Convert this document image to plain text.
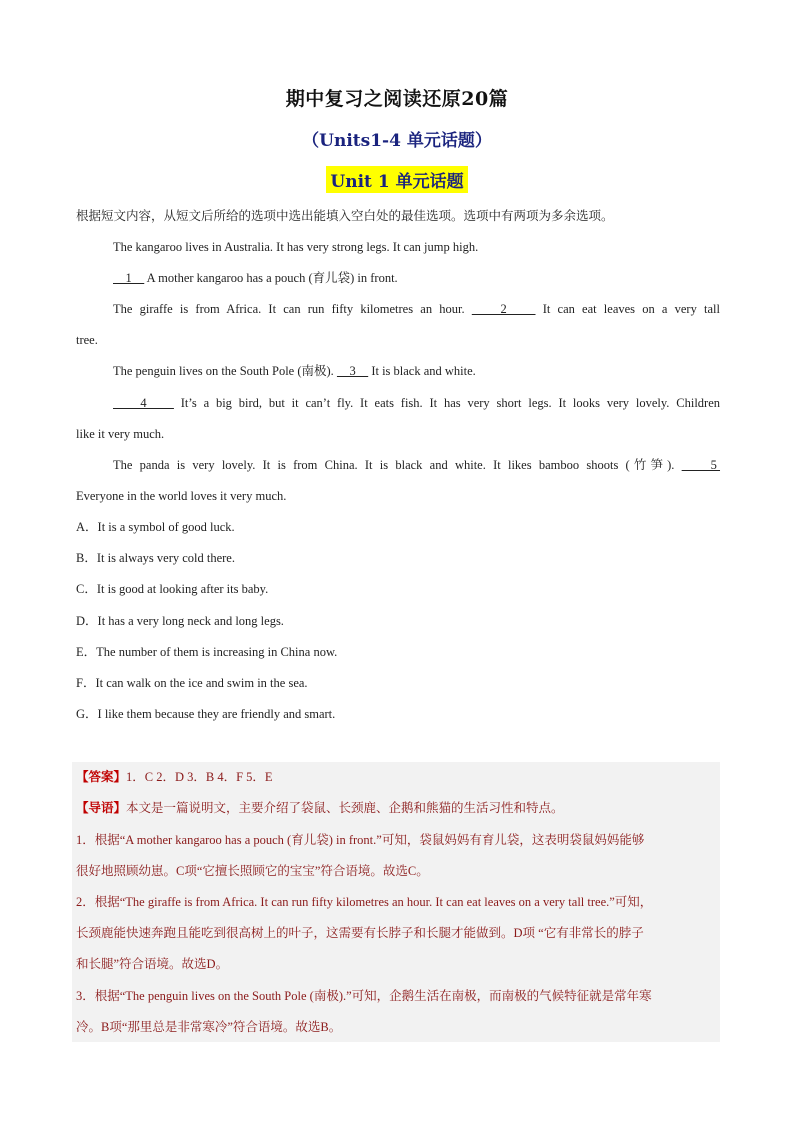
期中复习之阅读还原20篇
（Units1-4 单元话题）
Unit 1 单元话题
根据短文内容，从短文后所给的选项中选出能填入空白处的最佳选项。选项中有两项为多余选项。
The kangaroo lives in Australia. It has very strong legs. It can jump high.
1     A mother kangaroo has a pouch (育儿袋) in front.
The giraffe is from Africa. It can run fifty kilometres an hour.     2     It can eat leaves on a very tall
tree.
The penguin lives on the South Pole (南极).     3     It is black and white.
4     It’s a big bird, but it can’t fly. It eats fish. It has very short legs. It looks very lovely. Children
like it very much.
The panda is very lovely. It is from China. It is black and white. It likes bamboo shoots (竹笋).     5
Everyone in the world loves it very much.
A．It is a symbol of good luck.
B．It is always very cold there.
C．It is good at looking after its baby.
D．It has a very long neck and long legs.
E．The number of them is increasing in China now.
F．It can walk on the ice and swim in the sea.
G．I like them because they are friendly and smart.
【答案】1．C 2．D 3．B 4．F 5．E
【导语】本文是一篇说明文，主要介绍了袋鼠、长颈鹿、企鹅和熊猫的生活习性和特点。
1．根据“A mother kangaroo has a pouch (育儿袋) in front.”可知，袋鼠妈妈有育儿袋，这表明袋鼠妈妈能够
很好地照顾幼崽。C项“它擅长照顾它的宝宝”符合语境。故选C。
2．根据“The giraffe is from Africa. It can run fifty kilometres an hour. It can eat leaves on a very tall tree.”可知，
长颈鹿能快速奔跑且能吃到很高树上的叶子，这需要有长脖子和长腿才能做到。D项 “它有非常长的脖子
和长腿”符合语境。故选D。
3．根据“The penguin lives on the South Pole (南极).”可知，企鹅生活在南极，而南极的气候特征就是常年寒
冷。B项“那里总是非常寒冷”符合语境。故选B。
